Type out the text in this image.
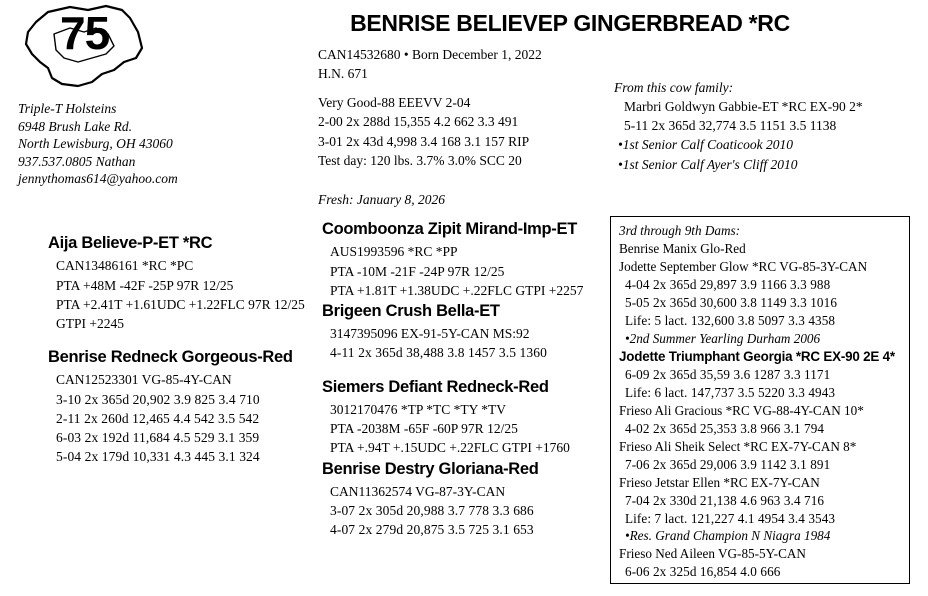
75
Triple-T Holsteins
6948 Brush Lake Rd.
North Lewisburg, OH 43060
937.537.0805 Nathan
jennythomas614@yahoo.com
BENRISE BELIEVEP GINGERBREAD *RC
CAN14532680 • Born December 1, 2022
H.N. 671
Very Good-88 EEEVV 2-04
2-00 2x 288d 15,355 4.2 662 3.3 491
3-01 2x 43d 4,998 3.4 168 3.1 157 RIP
Test day: 120 lbs. 3.7% 3.0% SCC 20
Fresh: January 8, 2026
From this cow family:
Marbri Goldwyn Gabbie-ET *RC EX-90 2*
5-11 2x 365d 32,774 3.5 1151 3.5 1138
•1st Senior Calf Coaticook 2010
•1st Senior Calf Ayer's Cliff 2010
Aija Believe-P-ET *RC
CAN13486161 *RC *PC
PTA +48M -42F -25P 97R 12/25
PTA +2.41T +1.61UDC +1.22FLC 97R 12/25
GTPI +2245
Benrise Redneck Gorgeous-Red
CAN12523301 VG-85-4Y-CAN
3-10 2x 365d 20,902 3.9 825 3.4 710
2-11 2x 260d 12,465 4.4 542 3.5 542
6-03 2x 192d 11,684 4.5 529 3.1 359
5-04 2x 179d 10,331 4.3 445 3.1 324
Coomboonza Zipit Mirand-Imp-ET
AUS1993596 *RC *PP
PTA -10M -21F -24P 97R 12/25
PTA +1.81T +1.38UDC +.22FLC GTPI +2257
Brigeen Crush Bella-ET
3147395096 EX-91-5Y-CAN MS:92
4-11 2x 365d 38,488 3.8 1457 3.5 1360
Siemers Defiant Redneck-Red
3012170476 *TP *TC *TY *TV
PTA -2038M -65F -60P 97R 12/25
PTA +.94T +.15UDC +.22FLC GTPI +1760
Benrise Destry Gloriana-Red
CAN11362574 VG-87-3Y-CAN
3-07 2x 305d 20,988 3.7 778 3.3 686
4-07 2x 279d 20,875 3.5 725 3.1 653
3rd through 9th Dams:
Benrise Manix Glo-Red
Jodette September Glow *RC VG-85-3Y-CAN
4-04 2x 365d 29,897 3.9 1166 3.3 988
5-05 2x 365d 30,600 3.8 1149 3.3 1016
Life: 5 lact. 132,600 3.8 5097 3.3 4358
•2nd Summer Yearling Durham 2006
Jodette Triumphant Georgia *RC EX-90 2E 4*
6-09 2x 365d 35,59 3.6 1287 3.3 1171
Life: 6 lact. 147,737 3.5 5220 3.3 4943
Frieso Ali Gracious *RC VG-88-4Y-CAN 10*
4-02 2x 365d 25,353 3.8 966 3.1 794
Frieso Ali Sheik Select *RC EX-7Y-CAN 8*
7-06 2x 365d 29,006 3.9 1142 3.1 891
Frieso Jetstar Ellen *RC EX-7Y-CAN
7-04 2x 330d 21,138 4.6 963 3.4 716
Life: 7 lact. 121,227 4.1 4954 3.4 3543
•Res. Grand Champion N Niagra 1984
Frieso Ned Aileen VG-85-5Y-CAN
6-06 2x 325d 16,854 4.0 666
